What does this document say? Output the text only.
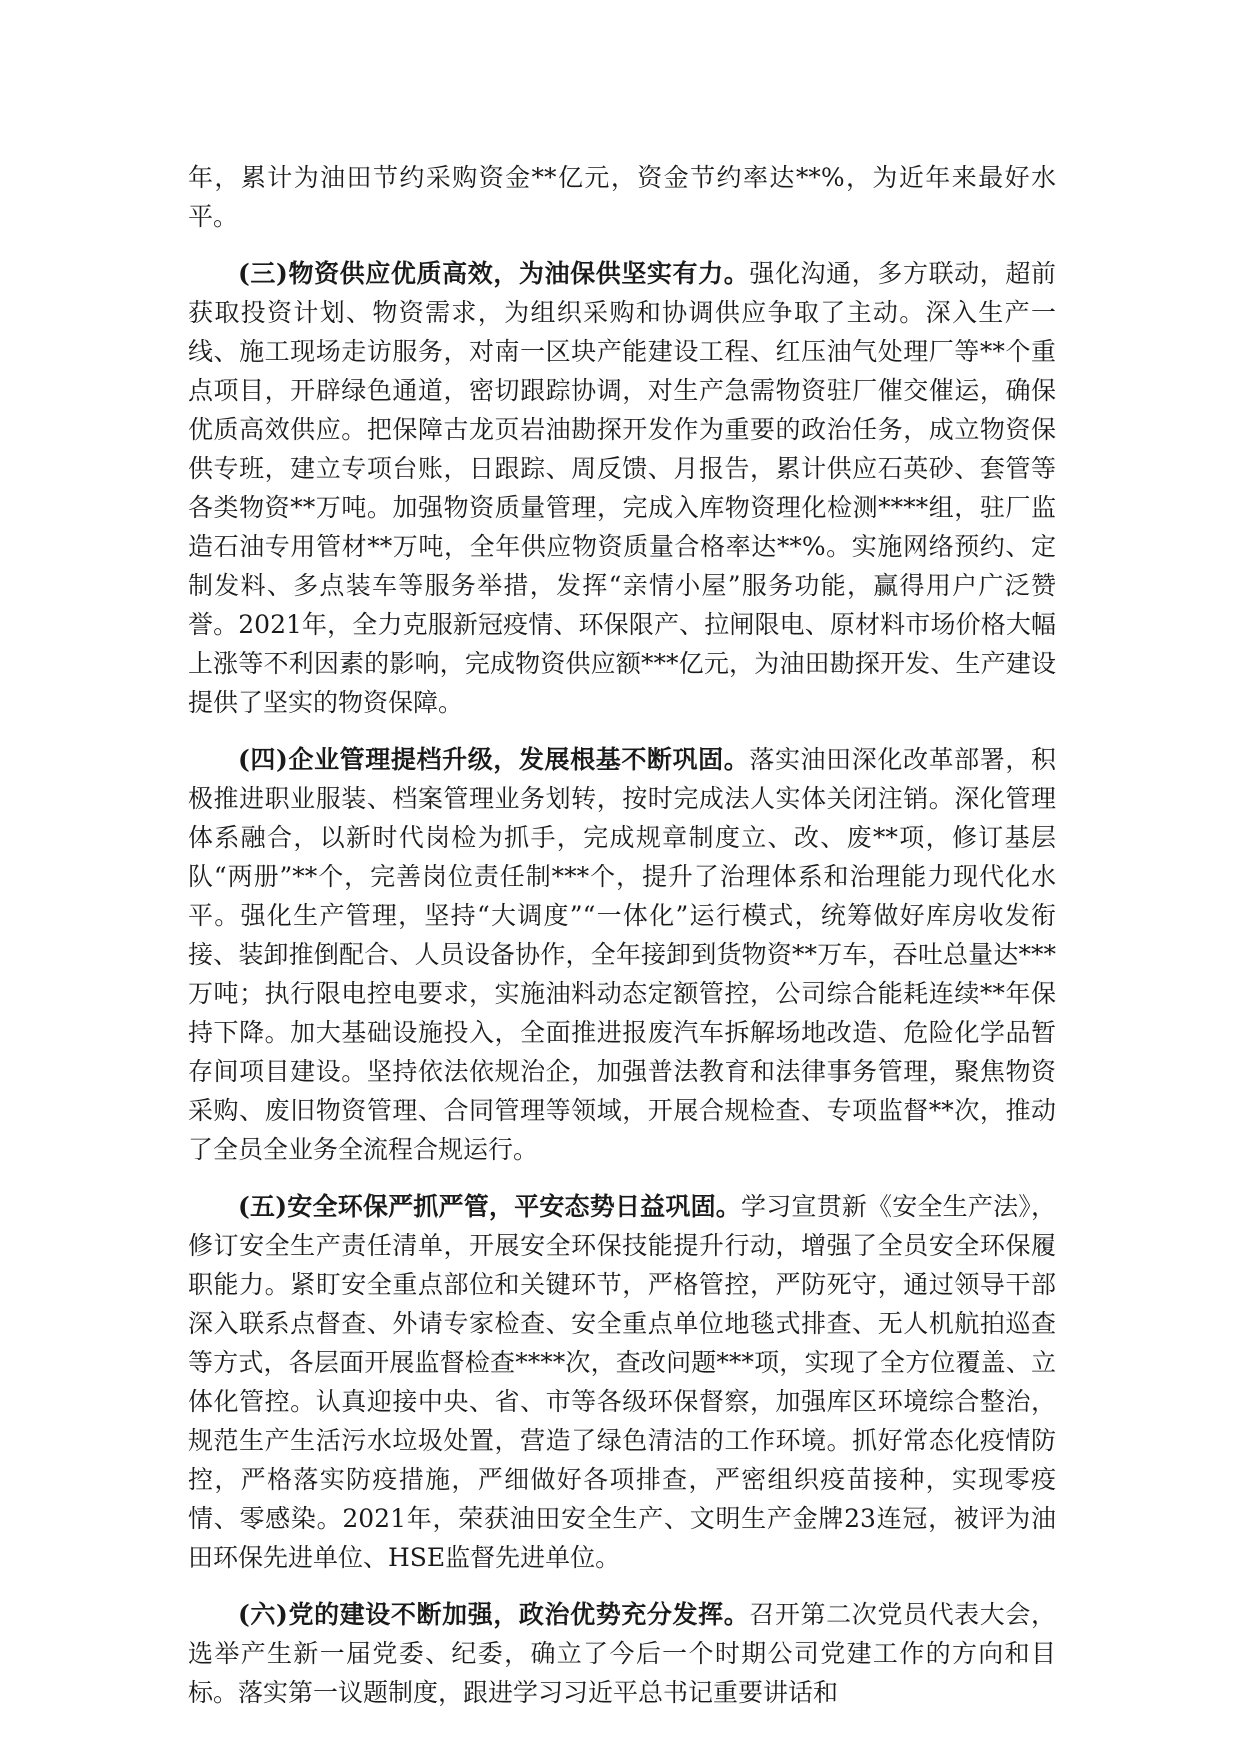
年，累计为油田节约采购资金**亿元，资金节约率达**%，为近年来最好水平。

(三)物资供应优质高效，为油保供坚实有力。强化沟通，多方联动，超前获取投资计划、物资需求，为组织采购和协调供应争取了主动。深入生产一线、施工现场走访服务，对南一区块产能建设工程、红压油气处理厂等**个重点项目，开辟绿色通道，密切跟踪协调，对生产急需物资驻厂催交催运，确保优质高效供应。把保障古龙页岩油勘探开发作为重要的政治任务，成立物资保供专班，建立专项台账，日跟踪、周反馈、月报告，累计供应石英砂、套管等各类物资**万吨。加强物资质量管理，完成入库物资理化检测****组，驻厂监造石油专用管材**万吨，全年供应物资质量合格率达**%。实施网络预约、定制发料、多点装车等服务举措，发挥“亲情小屋”服务功能，赢得用户广泛赞誉。2021年，全力克服新冠疫情、环保限产、拉闸限电、原材料市场价格大幅上涨等不利因素的影响，完成物资供应额***亿元，为油田勘探开发、生产建设提供了坚实的物资保障。

(四)企业管理提档升级，发展根基不断巩固。落实油田深化改革部署，积极推进职业服装、档案管理业务划转，按时完成法人实体关闭注销。深化管理体系融合，以新时代岗检为抓手，完成规章制度立、改、废**项，修订基层队“两册”**个，完善岗位责任制***个，提升了治理体系和治理能力现代化水平。强化生产管理，坚持“大调度”“一体化”运行模式，统筹做好库房收发衔接、装卸推倒配合、人员设备协作，全年接卸到货物资**万车，吞吐总量达***万吨；执行限电控电要求，实施油料动态定额管控，公司综合能耗连续**年保持下降。加大基础设施投入，全面推进报废汽车拆解场地改造、危险化学品暂存间项目建设。坚持依法依规治企，加强普法教育和法律事务管理，聚焦物资采购、废旧物资管理、合同管理等领域，开展合规检查、专项监督**次，推动了全员全业务全流程合规运行。

(五)安全环保严抓严管，平安态势日益巩固。学习宣贯新《安全生产法》，修订安全生产责任清单，开展安全环保技能提升行动，增强了全员安全环保履职能力。紧盯安全重点部位和关键环节，严格管控，严防死守，通过领导干部深入联系点督查、外请专家检查、安全重点单位地毯式排查、无人机航拍巡查等方式，各层面开展监督检查****次，查改问题***项，实现了全方位覆盖、立体化管控。认真迎接中央、省、市等各级环保督察，加强库区环境综合整治，规范生产生活污水垃圾处置，营造了绿色清洁的工作环境。抓好常态化疫情防控，严格落实防疫措施，严细做好各项排查，严密组织疫苗接种，实现零疫情、零感染。2021年，荣获油田安全生产、文明生产金牌23连冠，被评为油田环保先进单位、HSE监督先进单位。

(六)党的建设不断加强，政治优势充分发挥。召开第二次党员代表大会，选举产生新一届党委、纪委，确立了今后一个时期公司党建工作的方向和目标。落实第一议题制度，跟进学习习近平总书记重要讲话和
